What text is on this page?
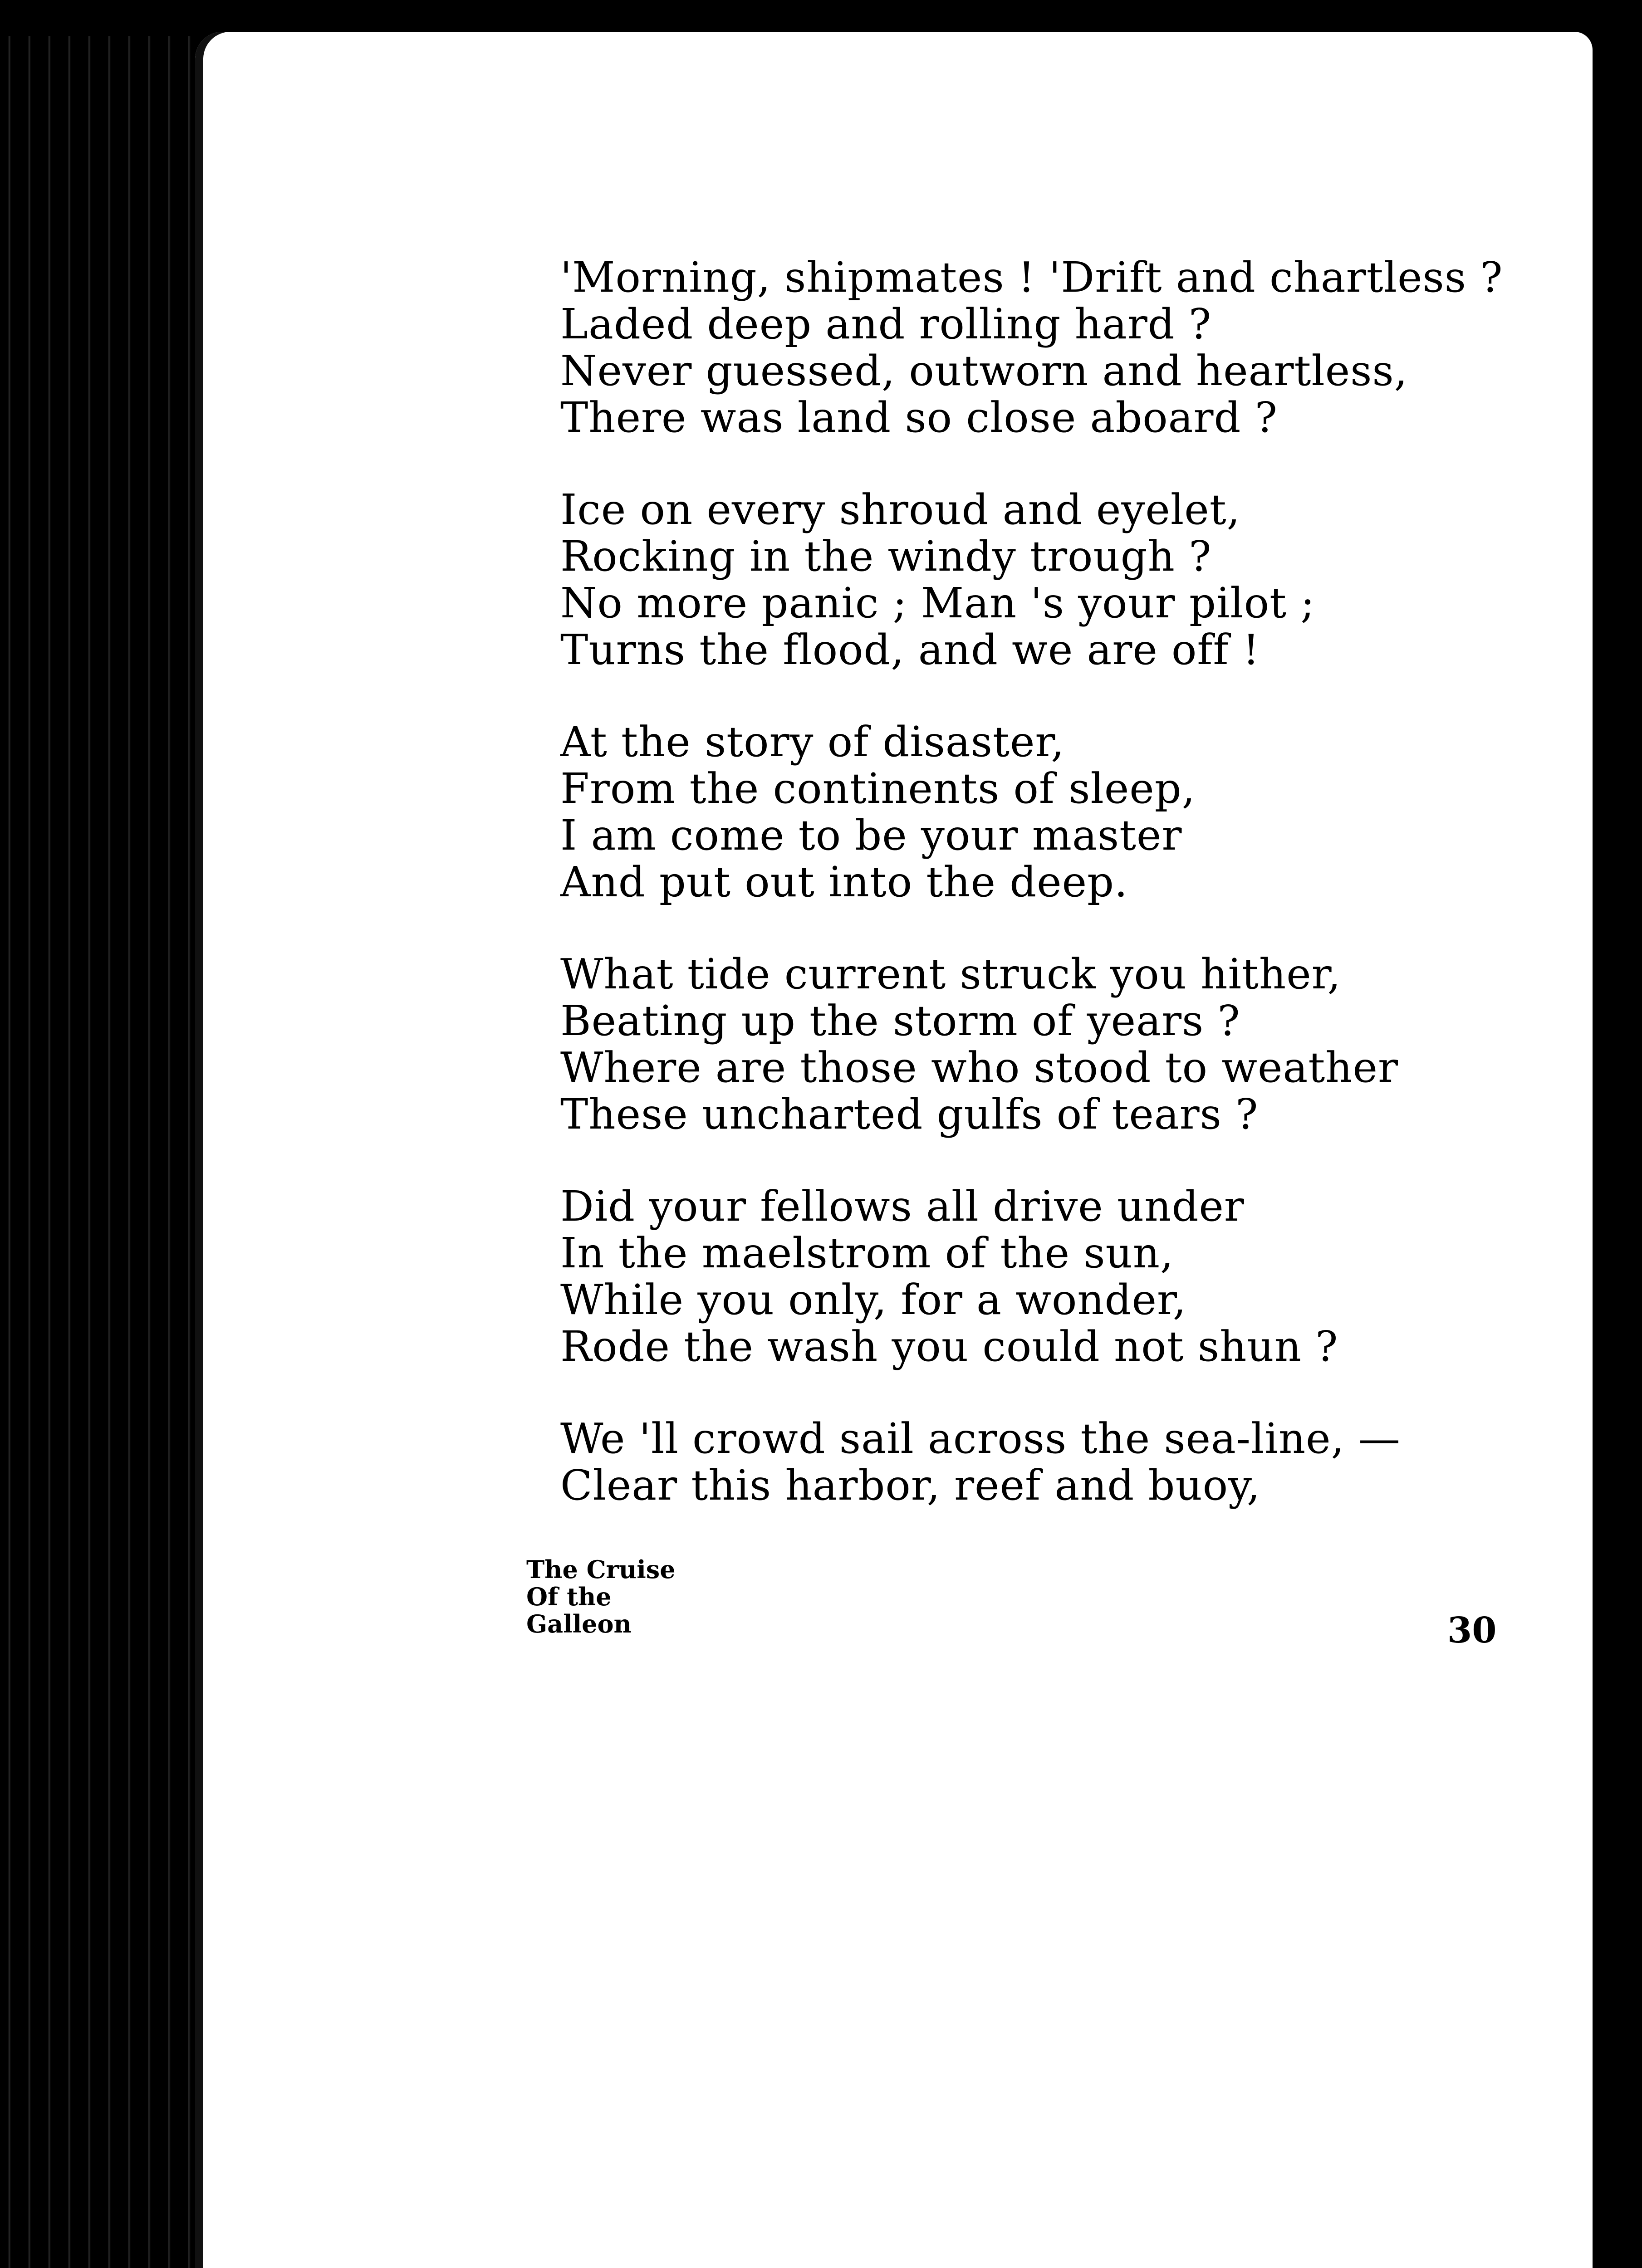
'Morning, shipmates ! 'Drift and chartless ?
Laded deep and rolling hard ?
Never guessed, outworn and heartless,
There was land so close aboard ?
Ice on every shroud and eyelet,
Rocking in the windy trough ?
No more panic ; Man 's your pilot ;
Turns the flood, and we are off !
At the story of disaster,
From the continents of sleep,
I am come to be your master
And put out into the deep.
What tide current struck you hither,
Beating up the storm of years ?
Where are those who stood to weather
These uncharted gulfs of tears ?
Did your fellows all drive under
In the maelstrom of the sun,
While you only, for a wonder,
Rode the wash you could not shun ?
We 'll crowd sail across the sea-line, —
Clear this harbor, reef and buoy,
The Cruise
Of the
Galleon	30
